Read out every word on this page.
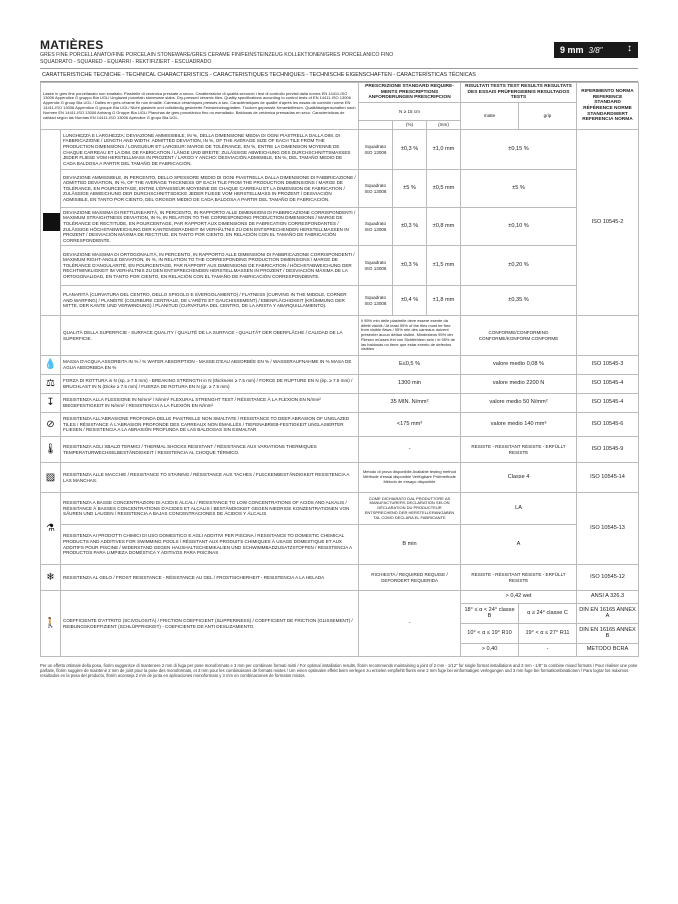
MATIÈRES
GRES FINE PORCELLANATO/FINE PORCELAIN STONEWARE/GRES CERAME FIN/FEINSTEINZEUG KOLLEKTIONEN/GRES PORCELANICO FINO
SQUADRATO - SQUARED - EQUARRI - REKTIFIZIERT - ESCUADRADO
9 mm 3/8" ↕
CARATTERISTICHE TECNICHE - TECHNICAL CHARACTERISTICS - CARACTERISTIQUES TECHNIQUES - TECHNISCHE EIGENSCHAFTEN - CARACTERÍSTICAS TÉCNICAS
Lastre in gres fine porcellanato non smaltato. Piastrelle di ceramica pressate a secco. Caratteristiche di qualità secondo i test di controllo previsti dalla norma EN 14411-ISO 13006 Appendice G gruppo BIa UGL/ Unglazed porcelain stoneware slabs. Dry-pressed ceramic tiles. Quality specifications according to control tests of EN 14411-ISO 13006 Appendix G group BIa UGL / Dalles en grès cérame fin non émaillé. Carreaux céramiques pressés à sec. Caractéristiques de qualité d'après les essais de contrôle norme EN 14411-ISO 13006 Appendice G groupe BIa UGL/ Nicht glasierte und vollständig gesinterte Feinsteinzeugplatten. Trocken gepresste Keramikfliesen. Qualitätseigenschaften nach Normen EN 14411-ISO 13006 Anhang G Gruppe BIa UGL/ Planchas de gres porcelánico fino no esmaltado. Baldosas de cerámica prensadas en seco. Características de calidad según las Normas EN 14411-ISO 13006 Apéndice G grupo BIa UGL.		PRESCRIZIONE STANDARD REQUIRE-MENTS PRESCRIPTIONS ANFORDERUNGEN PRESCRIPCION			RISULTATI TESTS TEST RESULTS RESULTATS DES ESSAIS PRÜFERGEBNIS RESULTADOS TESTS		RIFERIMENTO NORMA REFERENCE STANDARD RÉFÉRENCE NORME STANDARDWERT REFERENCIA NORMA
		N ≥ 15 cm			matte	grip	
			(%)	(mm)			
	LUNGHEZZA E LARGHEZZA: DEVIAZIONE AMMISSIBILE, IN %, DELLA DIMENSIONE MEDIA DI OGNI PIASTRELLA DALLA DIM. DI FABBRICAZIONE / LENGTH AND WIDTH: ADMITTED DEVIATION, IN %, OF THE AVERAGE SIZE OF EACH TILE FROM THE PRODUCTION DIMENSIONS / LONGUEUR ET LARGEUR: MARGE DE TOLÉRANCE, EN %, ENTRE LA DIMENSION MOYENNE DE CHAQUE CARREAU ET LA DIM. DE FABRICATION / LÄNGE UND BREITE: ZULÄSSIGE ABWEICHUNG DES DURCHSCHNITTSMASSES JEDER FLIESE VOM HERSTELLMASS IN PROZENT / LARGO Y ANCHO: DESVIACIÓN ADMISIBLE, EN %, DEL TAMAÑO MEDIO DE CADA BALDOSA A PARTIR DEL TAMAÑO DE FABRICACIÓN.	Squadrato ISO 13006	±0,3 %	±1,0 mm	±0,15 %		ISO 10545-2
	DEVIAZIONE AMMISSIBILE, IN PERCENTO, DELLO SPESSORE MEDIO DI OGNI PIASTRELLA DALLA DIMENSIONE DI FABBRICAZIONE / ADMITTED DEVIATION, IN %, OF THE AVERAGE THICKNESS OF EACH TILE FROM THE PRODUCTION DIMENSIONS / MARGE DE TOLÉRANCE, EN POURCENTAGE, ENTRE L'ÉPAISSEUR MOYENNE DE CHAQUE CARREAU ET LA DIMENSION DE FABRICATION / ZULÄSSIGE ABWEICHUNG DER DURCHSCHNITTSDICKE JEDER FLIESE VOM HERSTELLMASS IN PROZENT / DESVIACIÓN ADMISIBLE, EN TANTO POR CIENTO, DEL GROSOR MEDIO DE CADA BALDOSA A PARTIR DEL TAMAÑO DE FABRICACIÓN.	Squadrato ISO 13006	±5 %	±0,5 mm	±5 %		
	DEVIAZIONE MASSIMA DI RETTILINEARITÀ, IN PERCENTO, IN RAPPORTO ALLE DIMENSIONI DI FABBRICAZIONE CORRISPONDENTI / MAXIMUM STRAIGHTNESS DEVIATION, IN %, IN RELATION TO THE CORRESPONDING PRODUCTION DIMENSIONS / MARGE DE TOLÉRANCE DE RECTITUDE, EN POURCENTAGE, PAR RAPPORT AUX DIMENSIONS DE FABRICATION CORRESPONDANTES / ZULÄSSIGE HÖCHSTABWEICHUNG DER KANTENGERADHEIT IM VERHÄLTNIS ZU DEN ENTSPRECHENDEN HERSTELLMASSEN IN PROZENT / DESVIACIÓN MÁXIMA DE RECTITUD, EN TANTO POR CIENTO, EN RELACIÓN CON EL TAMAÑO DE FABRICACIÓN CORRESPONDIENTE.	Squadrato ISO 13006	±0,3 %	±0,8 mm	±0,10 %		
	DEVIAZIONE MASSIMA DI ORTOGONALITÀ, IN PERCENTO, IN RAPPORTO ALLE DIMENSIONI DI FABBRICAZIONE CORRISPONDENTI / MAXIMUM RIGHT-ANGLE DEVIATION, IN %, IN RELATION TO THE CORRESPONDING PRODUCTION DIMENSIONS / MARGE DE TOLÉRANCE D'ANGULARITÉ, EN POURCENTAGE, PAR RAPPORT AUX DIMENSIONS DE FABRICATION / HÖCHSTABWEICHUNG DER RECHTWINKLIGKEIT IM VERHÄLTNIS ZU DEN ENTSPRECHENDEN HERSTELLMASSEN IN PROZENT / DESVIACIÓN MÁXIMA DE LA ORTOGONALIDAD, EN TANTO POR CIENTO, EN RELACIÓN CON EL TAMAÑO DE FABRICACIÓN CORRESPONDIENTE.	Squadrato ISO 13006	±0,3 %	±1,5 mm	±0,20 %		
	PLANARITÀ (CURVATURA DEL CENTRO, DELLO SPIGOLO E SVERGOLAMENTO) / FLATNESS (CURVING IN THE MIDDLE, CORNER AND WARPING) / PLANÉITÉ (COURBURE CENTRALE, DE L'ARÊTE ET GAUCHISSEMENT) / EBENFLÄCHIGKEIT (KRÜMMUNG DER MITTE, DER KANTE UND VERWINDUNG) / PLANITUD (CURVATURA DEL CENTRO, DE LA ARISTA Y ABARQUILLAMIENTO).	Squadrato ISO 13006	±0,4 %	±1,8 mm	±0,35 %		
	QUALITÀ DELLA SUPERFICIE - SURFACE QUALITY / QUALITÉ DE LA SURFACE - QUALITÄT DER OBERFLÄCHE / CALIDAD DE LA SUPERFICIE.	Il 95% min delle piastrelle deve essere esente da difetti visibili / At least 95% of the tiles must be free from visible flaws / 95% min des carreaux doivent présenter aucun défaut visible. Mindestens 95% der Fliesen müssen frei von Sichtfehlern sein / el 95% de las baldosas no tiene que estar exento de defectos visibles			CONFORME/CONFORMING CONFORME/KONFORM CONFORME		
💧	MASSA D'ACQUA ASSORBITA IN % / % WATER ABSORPTION - MASSE D'EAU ABSORBÉE EN % / WASSERAUFNAHME IN % MASA DE AGUA ABSORBIDA EN %	E≤0,5 %			valore medio 0,08 %		ISO 10545-3
⚖	FORZA DI ROTTURA in N (sp. ≥ 7.5 mm) - BREAKING STRENGTH in N (thickness ≥ 7.5 mm) / FORCE DE RUPTURE EN N (ép. ≥ 7.5 mm) / BRUCHLAST IN N (Dicke ≥ 7.5 mm) / FUERZA DE ROTURA EN N (gr. ≥ 7.5 mm)	1300 min			valore medio 2200 N		ISO 10545-4
↧	RESISTENZA ALLA FLESSIONE IN N/mm² / N/mm² FLEXURAL STRENGHT TEST / RÉSISTANCE À LA FLEXION EN N/mm² BIEGEFESTIGKEIT IN N/mm² / RESISTENCIA A LA FLEXIÓN EN N/mm²	35 MIN. N/mm²			valore medio 50 N/mm²		ISO 10545-4
⊘	RESISTENZA ALL'ABRASIONE PROFONDA DELLE PIASTRELLE NON SMALTATE / RESISTANCE TO DEEP ABRASION OF UNGLAZED TILES / RÉSISTANCE À L'ABRASION PROFONDE DES CARREAUX NON ÉMAILLÉS / TIEFENABRIEB-FESTIGKEIT UNGLASIERTER FLIESEN / RESISTENCIA A LA ABRASIÓN PROFUNDA DE LAS BALDOSAS SIN ESMALTAR	<175 mm³			valore medio 140 mm³		ISO 10545-6
🌡	RESISTENZA AGLI SBALZI TERMICI / THERMAL SHOCKS RESISTANT / RÉSISTANCE AUX VARIATIONS THERMIQUES TEMPERATURWECHSELBESTÄNDIGKEIT / RESISTENCIA AL CHOQUE TÉRMICO.	-			RESISTE - RESISTANT RÉSISTE - ERFÜLLT RESISTE		ISO 10545-9
▨	RESISTENZA ALLE MACCHIE / RESISTANCE TO STAINING / RÉSISTANCE AUX TACHES / FLECKENBESTÄNDIGKEIT RESISTENCIA A LAS MANCHAS.	Metodo di prova disponibile Available testing method Méthode d'essai disponible Verfügbare Prüfmethode Método de ensayo disponible			Classe 4		ISO 10545-14
⚗	RESISTENZA A BASSE CONCENTRAZIONI DI ACIDI E ALCALI / RESISTANCE TO LOW CONCENTRATIONS OF ACIDS AND ALKALIS / RÉSISTANCE À BASSES CONCENTRATIONS D'ACIDES ET ALCALIS / BESTÄNDIGKEIT GEGEN NIEDRIGE KONZENTRATIONEN VON SÄUREN UND LAUGEN / RESISTENCIA A BAJAS CONCENTRACIONES DE ÁCIDOS Y ÁLCALIS	COME DICHIARATO DAL PRODUTTORE AS MANUFACTURERS DECLARATION SELON DÉCLARATION DU PRODUCTEUR ENTSPRECHEND DER HERSTELLERANGABEN TAL COMO DECLARA EL FABRICANTE			LA		ISO 10545-13
	RESISTENZA AI PRODOTTI CHIMICI DI USO DOMESTICO E AGLI ADDITIVI PER PISCINA / RESISTANCE TO DOMESTIC CHEMICAL PRODUCTS AND ADDITIVES FOR SWIMMING POOLS / RÉSISTANT AUX PRODUITS CHIMIQUES À USAGE DOMESTIQUE ET AUX ADDITIFS POUR PISCINE / WIDERSTAND GEGEN HAUSHALTSCHEMIKALIEN UND SCHWIMMBADZUSATZSTOFFEN / RESISTENCIA A PRODUCTOS PARA LIMPIEZA DOMÉSTICA Y ADITIVOS PARA PISCINAS	B min			A		
❄	RESISTENZA AL GELO / FROST RESISTANCE - RÉSISTANCE AU GEL / FROSTSICHERHEIT - RESISTENCIA A LA HELADA	RICHIESTA / REQUIRED REQUISE / GEFORDERT REQUERIDA			RESISTE - RÉSISTANT RÉSISTE - ERFÜLLT RESISTE		ISO 10545-12
🚶	COEFFICIENTE D'ATTRITO (SCIVOLOSITÀ) / FRICTION COEFFICIENT (SLIPPERINESS) / COEFFICIENT DE FRICTION (GLISSEMENT) / REIBUNGSKOEFFIZIENT (SCHLÜPFRIGKEIT) - COEFICIENTE DE ANTI DESLIZAMIENTO.	-			> 0,42 wet		ANSI A 326.3
					18° ≤ α < 24° classe B	α ≥ 24° classe C	DIN EN 16165 ANNEX A
					10° < α ≤ 19° R10	19° < α ≤ 27° R11	DIN EN 16165 ANNEX B
					> 0,40	-	METODO BCRA
Per un effetto ottimale della posa, fiorim suggerisce di mantenere 2 mm di fuga per pose monoformato e 3 mm per combinare formati misti / For optimal installation results, florim recommends maintaining a joint of 2 mm - 1/12" for single format installations and 3 mm - 1/8" to combine mixed formats / Pour réaliser une pose parfaite, florim suggère de maintenir 2 mm de joint pour la pose des monoformats, et 3 mm pour les combinaisons de formats mixtes / Um einen optimalen effekt beim verlegen zu erzielen empfiehlt florim eine 2 mm fuge bei einformatigen verlegungen und 3 mm fuge bei formatkombinationen / Para lograr los máximos resultados en la posa del producto, florim aconseja 2 mm de junta en aplicaciones monoformato y 3 mm en combinaciones de formatos mixtos.
